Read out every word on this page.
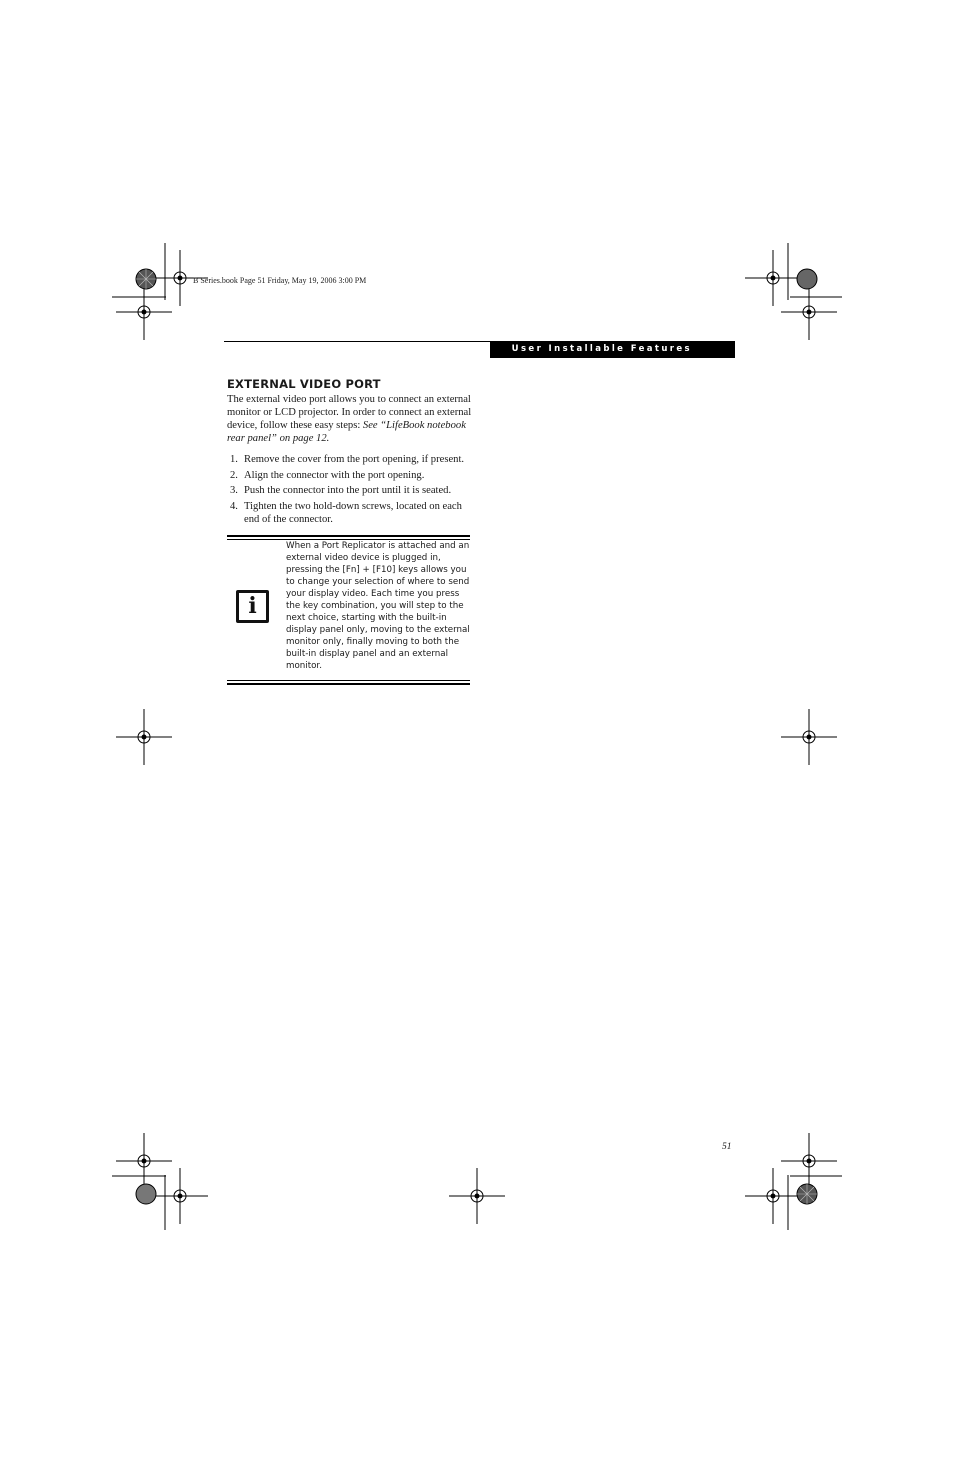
B Series.book Page 51 Friday, May 19, 2006 3:00 PM
User Installable Features
EXTERNAL VIDEO PORT
The external video port allows you to connect an external monitor or LCD projector. In order to connect an external device, follow these easy steps: See “LifeBook notebook rear panel” on page 12.
1. Remove the cover from the port opening, if present.
2. Align the connector with the port opening.
3. Push the connector into the port until it is seated.
4. Tighten the two hold-down screws, located on each end of the connector.
i
When a Port Replicator is attached and an external video device is plugged in, pressing the [Fn] + [F10] keys allows you to change your selection of where to send your display video. Each time you press the key combination, you will step to the next choice, starting with the built-in display panel only, moving to the external monitor only, finally moving to both the built-in display panel and an external monitor.
51
